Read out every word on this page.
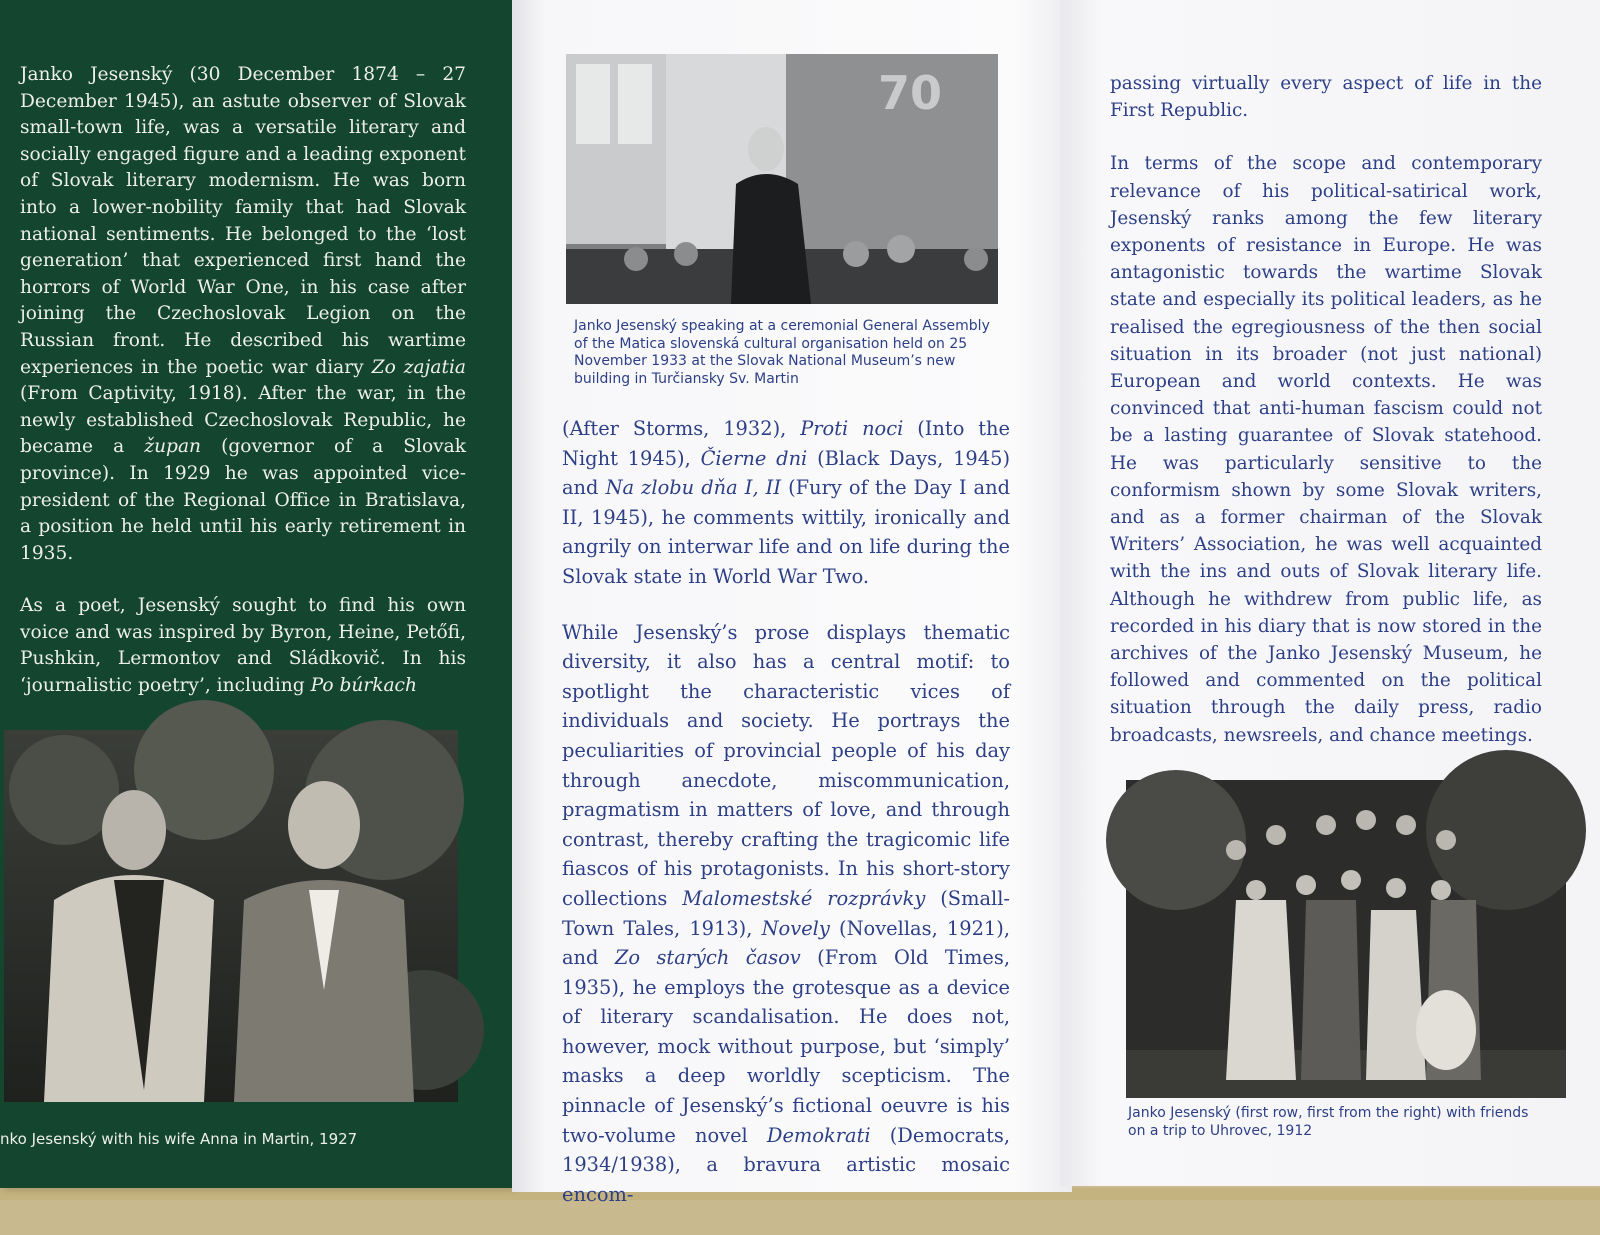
Janko Jesenský (30 December 1874 – 27 December 1945), an astute observer of Slovak small-town life, was a versatile literary and socially engaged figure and a leading exponent of Slovak literary modernism. He was born into a lower-nobility family that had Slovak national sentiments. He belonged to the ‘lost generation’ that experienced first hand the horrors of World War One, in his case after joining the Czechoslovak Legion on the Russian front. He described his wartime experiences in the poetic war diary Zo zajatia (From Captivity, 1918). After the war, in the newly established Czechoslovak Republic, he became a župan (governor of a Slovak province). In 1929 he was appointed vice-president of the Regional Office in Bratislava, a position he held until his early retirement in 1935.

As a poet, Jesenský sought to find his own voice and was inspired by Byron, Heine, Petőfi, Pushkin, Lermontov and Sládkovič. In his ‘journalistic poetry’, including Po búrkach

nko Jesenský with his wife Anna in Martin, 1927
70
Janko Jesenský speaking at a ceremonial General Assembly of the Matica slovenská cultural organisation held on 25 November 1933 at the Slovak National Museum’s new building in Turčiansky Sv. Martin

(After Storms, 1932), Proti noci (Into the Night 1945), Čierne dni (Black Days, 1945) and Na zlobu dňa I, II (Fury of the Day I and II, 1945), he comments wittily, ironically and angrily on interwar life and on life during the Slovak state in World War Two.

While Jesenský’s prose displays thematic diversity, it also has a central motif: to spotlight the characteristic vices of individuals and society. He portrays the peculiarities of provincial people of his day through anecdote, miscommunication, pragmatism in matters of love, and through contrast, thereby crafting the tragicomic life fiascos of his protagonists. In his short-story collections Malomestské rozprávky (Small-Town Tales, 1913), Novely (Novellas, 1921), and Zo starých časov (From Old Times, 1935), he employs the grotesque as a device of literary scandalisation. He does not, however, mock without purpose, but ‘simply’ masks a deep worldly scepticism. The pinnacle of Jesenský’s fictional oeuvre is his two-volume novel Demokrati (Democrats, 1934/1938), a bravura artistic mosaic encom-

passing virtually every aspect of life in the First Republic.

In terms of the scope and contemporary relevance of his political-satirical work, Jesenský ranks among the few literary exponents of resistance in Europe. He was antagonistic towards the wartime Slovak state and especially its political leaders, as he realised the egregiousness of the then social situation in its broader (not just national) European and world contexts. He was convinced that anti-human fascism could not be a lasting guarantee of Slovak statehood. He was particularly sensitive to the conformism shown by some Slovak writers, and as a former chairman of the Slovak Writers’ Association, he was well acquainted with the ins and outs of Slovak literary life. Although he withdrew from public life, as recorded in his diary that is now stored in the archives of the Janko Jesenský Museum, he followed and commented on the political situation through the daily press, radio broadcasts, newsreels, and chance meetings.

Janko Jesenský (first row, first from the right) with friends on a trip to Uhrovec, 1912
